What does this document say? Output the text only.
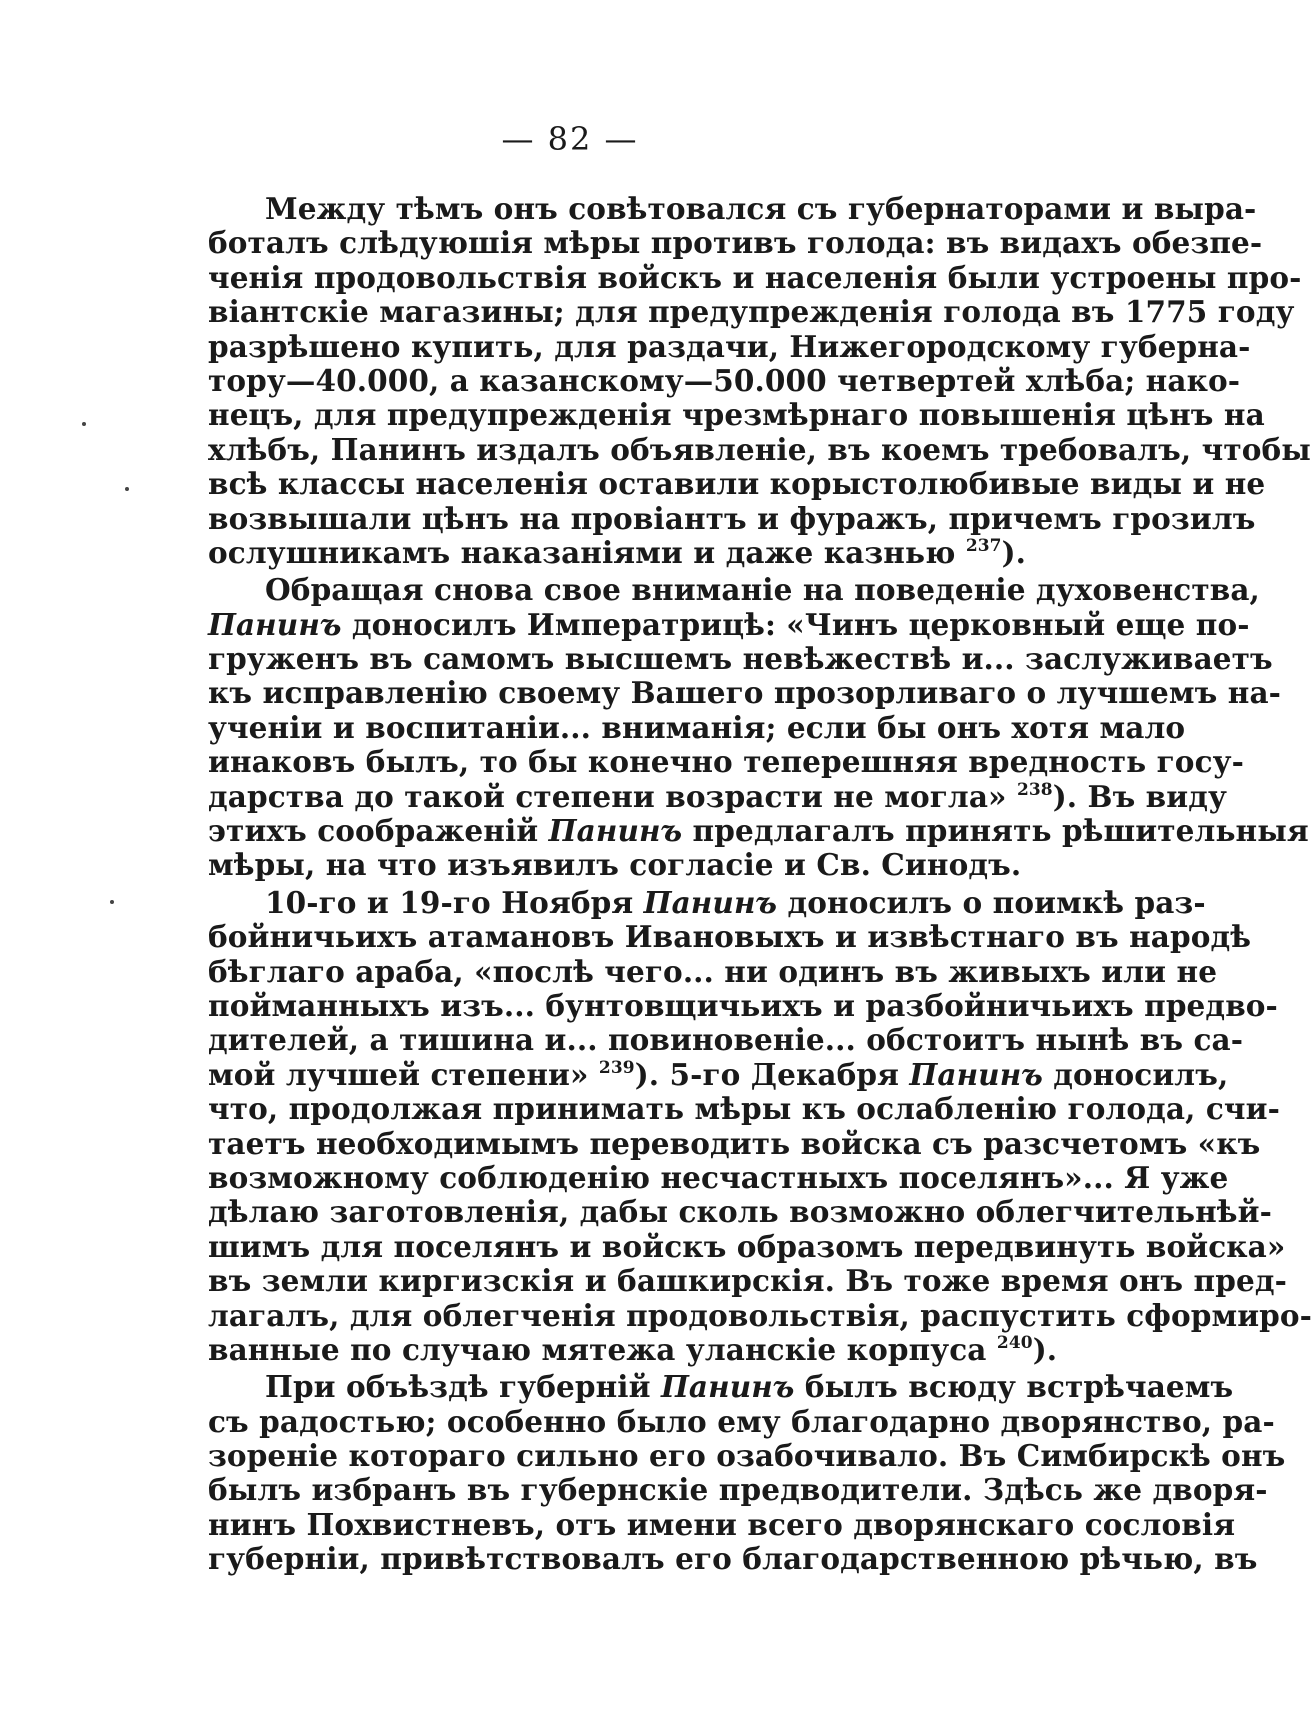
— 82 —
Между тѣмъ онъ совѣтовался съ губернаторами и выра-
боталъ слѣдуюшія мѣры противъ голода: въ видахъ обезпе-
ченія продовольствія войскъ и населенія были устроены про-
віантскіе магазины; для предупрежденія голода въ 1775 году
разрѣшено купить, для раздачи, Нижегородскому губерна-
тору—40.000, а казанскому—50.000 четвертей хлѣба; нако-
нецъ, для предупрежденія чрезмѣрнаго повышенія цѣнъ на
хлѣбъ, Панинъ издалъ объявленіе, въ коемъ требовалъ, чтобы
всѣ классы населенія оставили корыстолюбивые виды и не
возвышали цѣнъ на провіантъ и фуражъ, причемъ грозилъ
ослушникамъ наказаніями и даже казнью $^{237}$).
Обращая снова свое вниманіе на поведеніе духовенства,
Панинъ доносилъ Императрицѣ: «Чинъ церковный еще по-
груженъ въ самомъ высшемъ невѣжествѣ и... заслуживаетъ
къ исправленію своему Вашего прозорливаго о лучшемъ на-
ученіи и воспитаніи... вниманія; если бы онъ хотя мало
инаковъ былъ, то бы конечно теперешняя вредность госу-
дарства до такой степени возрасти не могла» $^{238}$). Въ виду
этихъ соображеній Панинъ предлагалъ принять рѣшительныя
мѣры, на что изъявилъ согласіе и Св. Синодъ.
10-го и 19-го Ноября Панинъ доносилъ о поимкѣ раз-
бойничьихъ атамановъ Ивановыхъ и извѣстнаго въ народѣ
бѣглаго араба, «послѣ чего... ни одинъ въ живыхъ или не
пойманныхъ изъ... бунтовщичьихъ и разбойничьихъ предво-
дителей, а тишина и... повиновеніе... обстоитъ нынѣ въ са-
мой лучшей степени» $^{239}$). 5-го Декабря Панинъ доносилъ,
что, продолжая принимать мѣры къ ослабленію голода, счи-
таетъ необходимымъ переводить войска съ разсчетомъ «къ
возможному соблюденію несчастныхъ поселянъ»... Я уже
дѣлаю заготовленія, дабы сколь возможно облегчительнѣй-
шимъ для поселянъ и войскъ образомъ передвинуть войска»
въ земли киргизскія и башкирскія. Въ тоже время онъ пред-
лагалъ, для облегченія продовольствія, распустить сформиро-
ванные по случаю мятежа уланскіе корпуса $^{240}$).
При объѣздѣ губерній Панинъ былъ всюду встрѣчаемъ
съ радостью; особенно было ему благодарно дворянство, ра-
зореніе котораго сильно его озабочивало. Въ Симбирскѣ онъ
былъ избранъ въ губернскіе предводители. Здѣсь же дворя-
нинъ Похвистневъ, отъ имени всего дворянскаго сословія
губерніи, привѣтствовалъ его благодарственною рѣчью, въ
